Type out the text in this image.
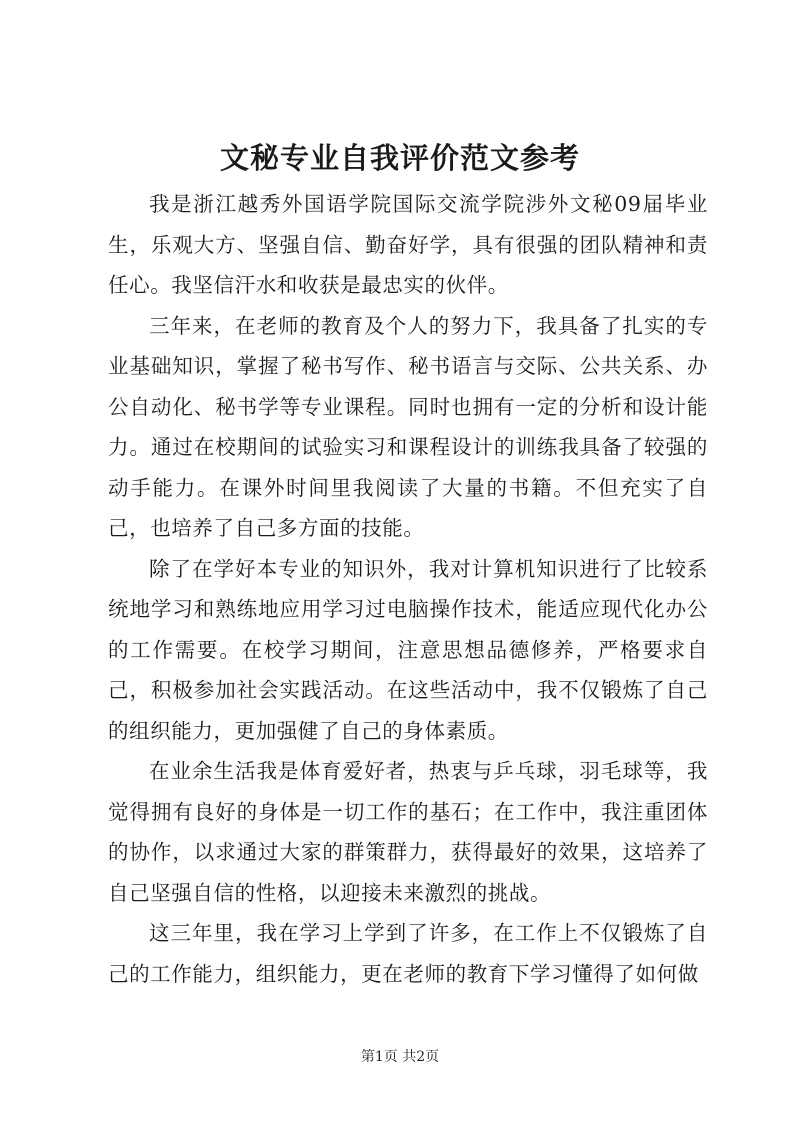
文秘专业自我评价范文参考

我是浙江越秀外国语学院国际交流学院涉外文秘09届毕业生，乐观大方、坚强自信、勤奋好学，具有很强的团队精神和责任心。我坚信汗水和收获是最忠实的伙伴。

三年来，在老师的教育及个人的努力下，我具备了扎实的专业基础知识，掌握了秘书写作、秘书语言与交际、公共关系、办公自动化、秘书学等专业课程。同时也拥有一定的分析和设计能力。通过在校期间的试验实习和课程设计的训练我具备了较强的动手能力。在课外时间里我阅读了大量的书籍。不但充实了自己，也培养了自己多方面的技能。

除了在学好本专业的知识外，我对计算机知识进行了比较系统地学习和熟练地应用学习过电脑操作技术，能适应现代化办公的工作需要。在校学习期间，注意思想品德修养，严格要求自己，积极参加社会实践活动。在这些活动中，我不仅锻炼了自己的组织能力，更加强健了自己的身体素质。

在业余生活我是体育爱好者，热衷与乒乓球，羽毛球等，我觉得拥有良好的身体是一切工作的基石；在工作中，我注重团体的协作，以求通过大家的群策群力，获得最好的效果，这培养了自己坚强自信的性格，以迎接未来激烈的挑战。

这三年里，我在学习上学到了许多，在工作上不仅锻炼了自己的工作能力，组织能力，更在老师的教育下学习懂得了如何做

第1页 共2页
